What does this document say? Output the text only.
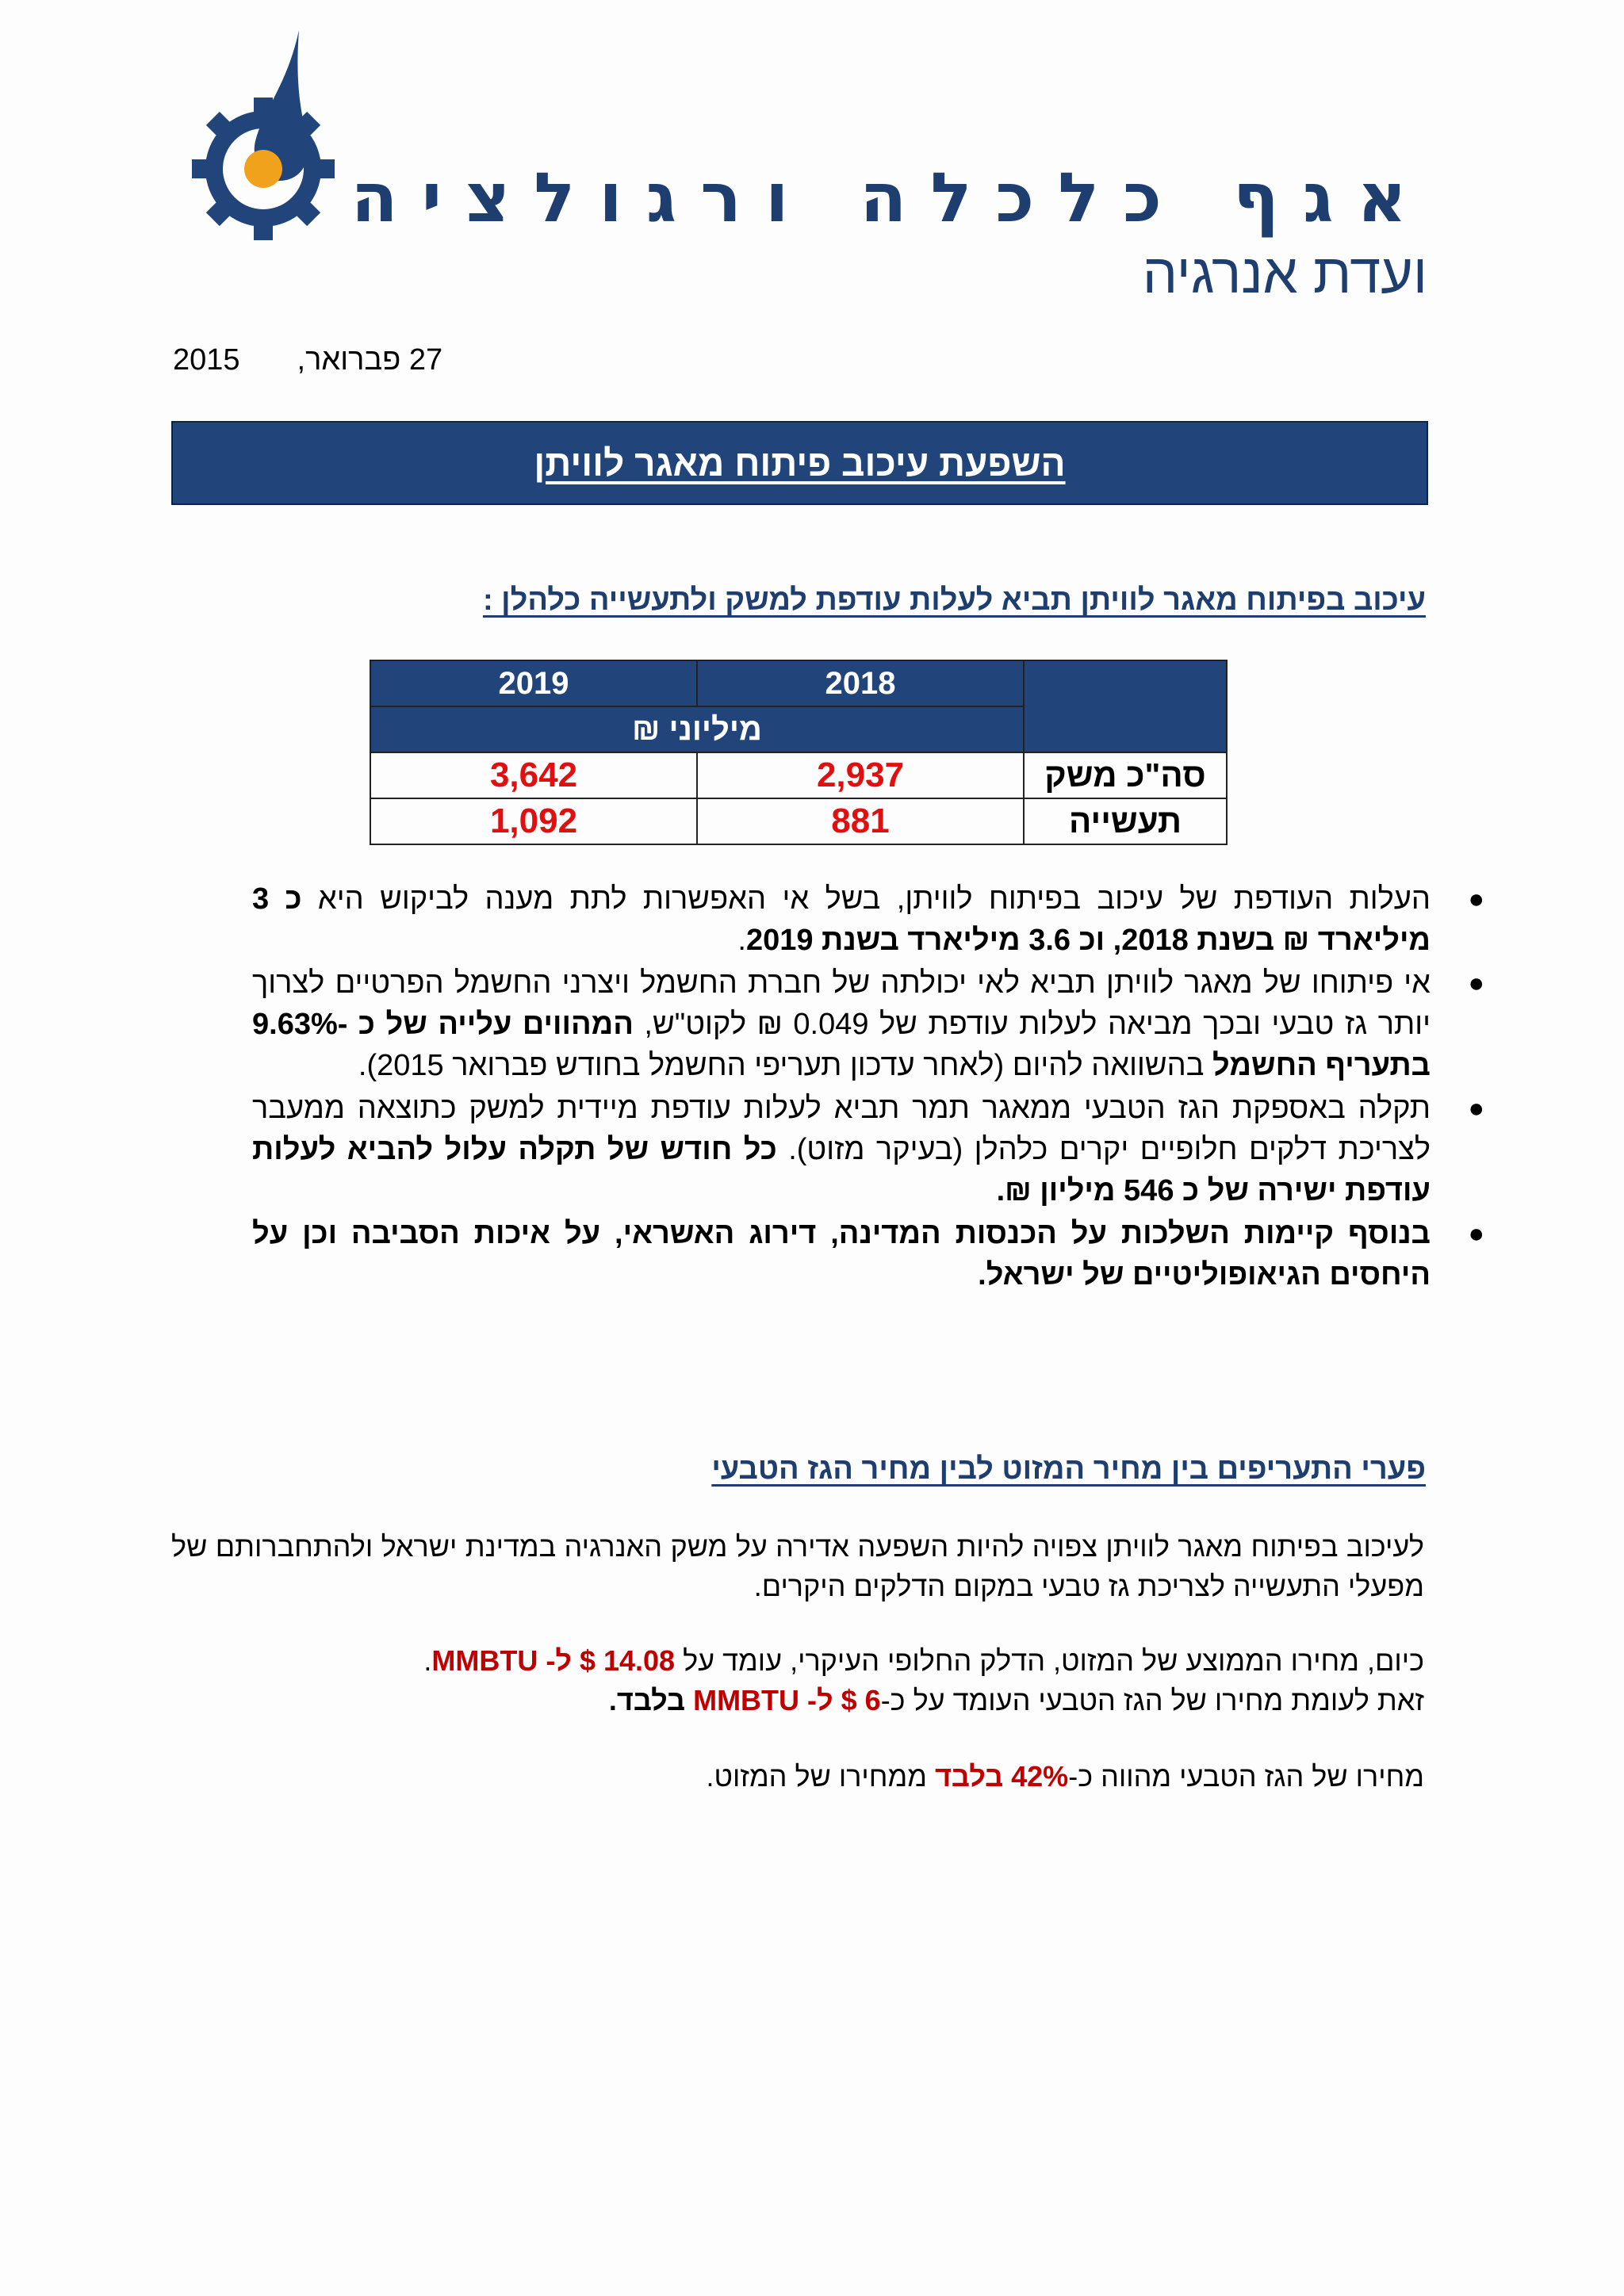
אגף כלכלה ורגולציה
ועדת אנרגיה
2015 27 פברואר,
השפעת עיכוב פיתוח מאגר לוויתן
עיכוב בפיתוח מאגר לוויתן תביא לעלות עודפת למשק ולתעשייה כלהלן :
	2018	2019
	מיליוני ₪	
סה"כ משק	2,937	3,642
תעשייה	881	1,092
●
העלות העודפת של עיכוב בפיתוח לוויתן, בשל אי האפשרות לתת מענה לביקוש היא כ 3 מיליארד ₪ בשנת 2018, וכ 3.6 מיליארד בשנת 2019.
●
אי פיתוחו של מאגר לוויתן תביא לאי יכולתה של חברת החשמל ויצרני החשמל הפרטיים לצרוך יותר גז טבעי ובכך מביאה לעלות עודפת של 0.049 ₪ לקוט"ש, המהווים עלייה של כ -9.63% בתעריף החשמל בהשוואה להיום (לאחר עדכון תעריפי החשמל בחודש פברואר 2015).
●
תקלה באספקת הגז הטבעי ממאגר תמר תביא לעלות עודפת מיידית למשק כתוצאה ממעבר לצריכת דלקים חלופיים יקרים כלהלן (בעיקר מזוט). כל חודש של תקלה עלול להביא לעלות עודפת ישירה של כ 546 מיליון ₪.
●
בנוסף קיימות השלכות על הכנסות המדינה, דירוג האשראי, על איכות הסביבה וכן על היחסים הגיאופוליטיים של ישראל.
פערי התעריפים בין מחיר המזוט לבין מחיר הגז הטבעי
לעיכוב בפיתוח מאגר לוויתן צפויה להיות השפעה אדירה על משק האנרגיה במדינת ישראל ולהתחברותם של מפעלי התעשייה לצריכת גז טבעי במקום הדלקים היקרים.
כיום, מחירו הממוצע של המזוט, הדלק החלופי העיקרי, עומד על 14.08 $ ל- MMBTU.
זאת לעומת מחירו של הגז הטבעי העומד על כ-6 $ ל- MMBTU בלבד.
מחירו של הגז הטבעי מהווה כ-42% בלבד ממחירו של המזוט.
